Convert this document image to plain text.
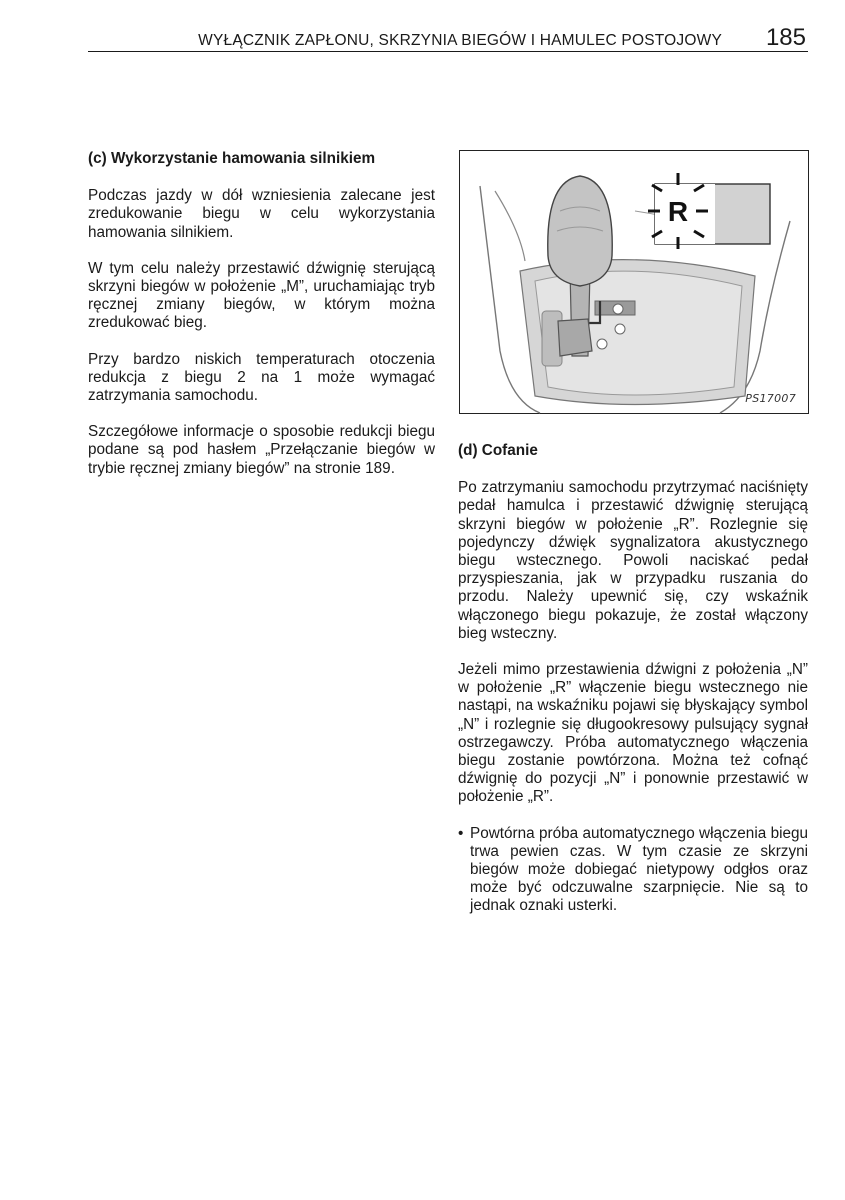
WYŁĄCZNIK ZAPŁONU, SKRZYNIA BIEGÓW I HAMULEC POSTOJOWY 185
(c) Wykorzystanie hamowania silnikiem

Podczas jazdy w dół wzniesienia zalecane jest zredukowanie biegu w celu wykorzystania hamowania silnikiem.

W tym celu należy przestawić dźwignię sterującą skrzyni biegów w położenie „M”, uruchamiając tryb ręcznej zmiany biegów, w którym można zredukować bieg.

Przy bardzo niskich temperaturach otoczenia redukcja z biegu 2 na 1 może wymagać zatrzymania samochodu.

Szczegółowe informacje o sposobie redukcji biegu podane są pod hasłem „Przełączanie biegów w trybie ręcznej zmiany biegów” na stronie 189.

R
PS17007
(d) Cofanie

Po zatrzymaniu samochodu przytrzymać naciśnięty pedał hamulca i przestawić dźwignię sterującą skrzyni biegów w położenie „R”. Rozlegnie się pojedynczy dźwięk sygnalizatora akustycznego biegu wstecznego. Powoli naciskać pedał przyspieszania, jak w przypadku ruszania do przodu. Należy upewnić się, czy wskaźnik włączonego biegu pokazuje, że został włączony bieg wsteczny.

Jeżeli mimo przestawienia dźwigni z położenia „N” w położenie „R” włączenie biegu wstecznego nie nastąpi, na wskaźniku pojawi się błyskający symbol „N” i rozlegnie się długookresowy pulsujący sygnał ostrzegawczy. Próba automatycznego włączenia biegu zostanie powtórzona. Można też cofnąć dźwignię do pozycji „N” i ponownie przestawić w położenie „R”.

• Powtórna próba automatycznego włączenia biegu trwa pewien czas. W tym czasie ze skrzyni biegów może dobiegać nietypowy odgłos oraz może być odczuwalne szarpnięcie. Nie są to jednak oznaki usterki.
